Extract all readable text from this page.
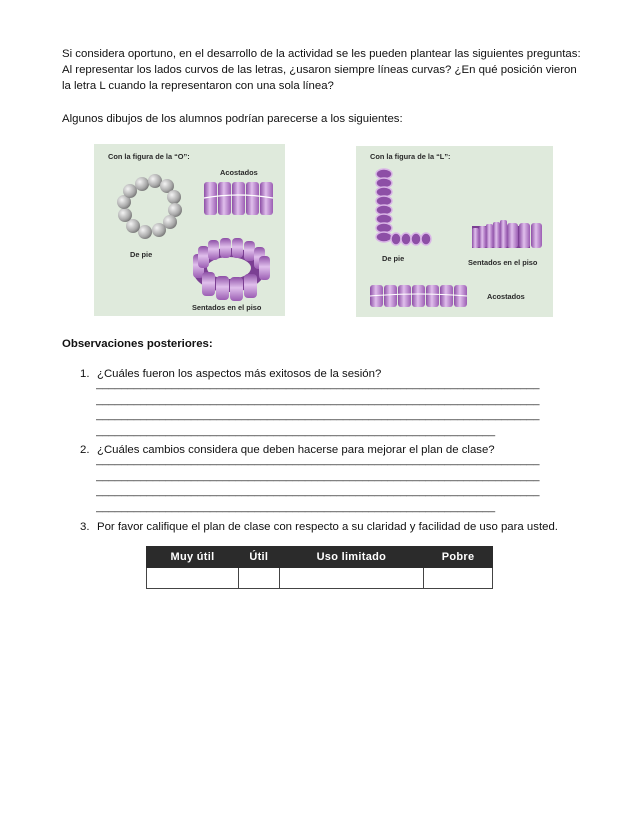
Si considera oportuno, en el desarrollo de la actividad se les pueden plantear las siguientes preguntas: Al representar los lados curvos de las letras, ¿usaron siempre líneas curvas? ¿En qué posición vieron la letra L cuando la representaron con una sola línea?
Algunos dibujos de los alumnos podrían parecerse a los siguientes:
Con la figura de la “O”:
Acostados
De pie
Sentados en el piso
Con la figura de la “L”:
De pie	Sentados en el piso
Acostados
Observaciones posteriores:
1. ¿Cuáles fueron los aspectos más exitosos de la sesión?
______________________________________________________________________
______________________________________________________________________
______________________________________________________________________
_______________________________________________________________
2. ¿Cuáles cambios considera que deben hacerse para mejorar el plan de clase?
______________________________________________________________________
______________________________________________________________________
______________________________________________________________________
_______________________________________________________________
3. Por favor califique el plan de clase con respecto a su claridad y facilidad de uso para usted.
Muy útil	Útil	Uso limitado	Pobre
